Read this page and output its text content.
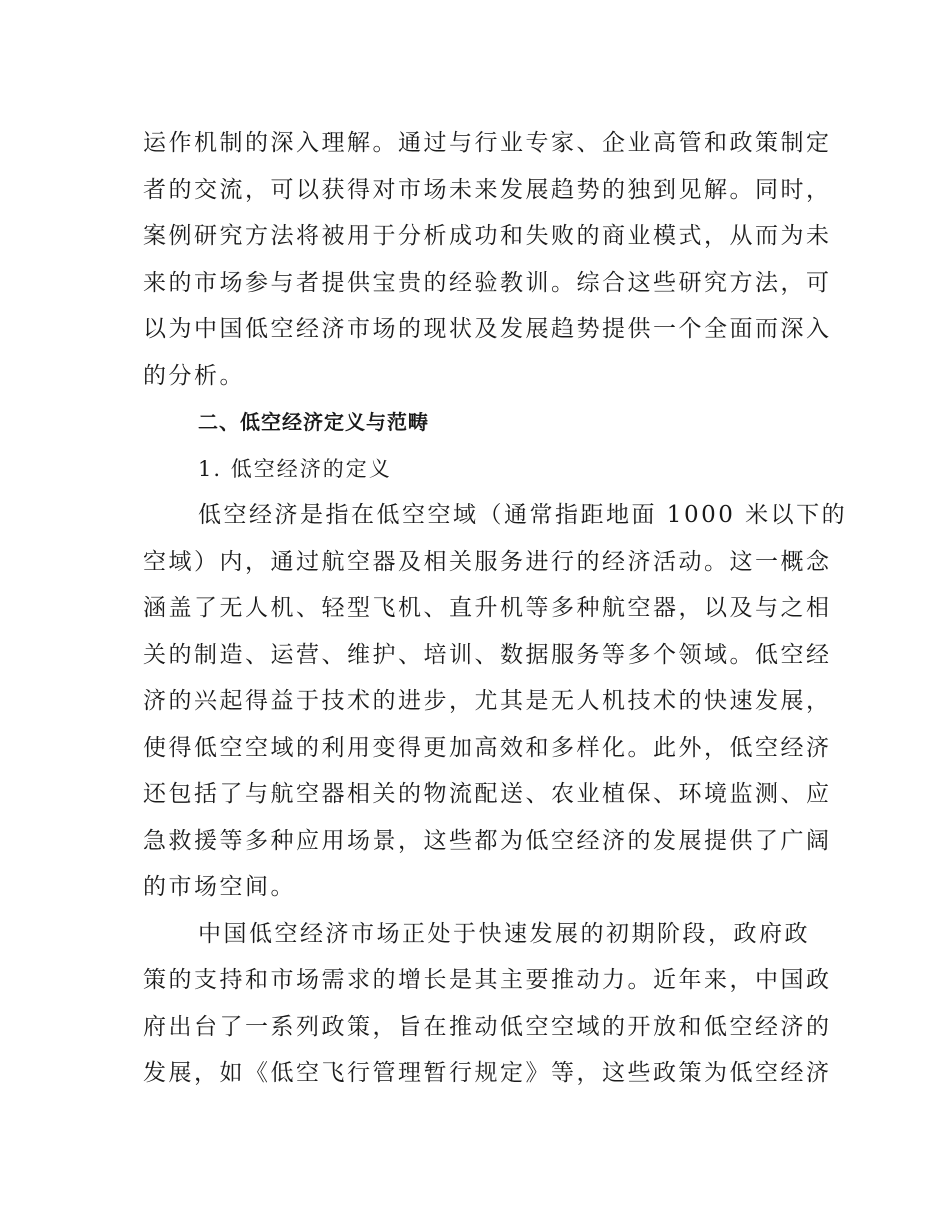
运作机制的深入理解。通过与行业专家、企业高管和政策制定
者的交流，可以获得对市场未来发展趋势的独到见解。同时，
案例研究方法将被用于分析成功和失败的商业模式，从而为未
来的市场参与者提供宝贵的经验教训。综合这些研究方法，可
以为中国低空经济市场的现状及发展趋势提供一个全面而深入
的分析。
二、低空经济定义与范畴
1. 低空经济的定义
低空经济是指在低空空域（通常指距地面 1000 米以下的
空域）内，通过航空器及相关服务进行的经济活动。这一概念
涵盖了无人机、轻型飞机、直升机等多种航空器，以及与之相
关的制造、运营、维护、培训、数据服务等多个领域。低空经
济的兴起得益于技术的进步，尤其是无人机技术的快速发展，
使得低空空域的利用变得更加高效和多样化。此外，低空经济
还包括了与航空器相关的物流配送、农业植保、环境监测、应
急救援等多种应用场景，这些都为低空经济的发展提供了广阔
的市场空间。
中国低空经济市场正处于快速发展的初期阶段，政府政
策的支持和市场需求的增长是其主要推动力。近年来，中国政
府出台了一系列政策，旨在推动低空空域的开放和低空经济的
发展，如《低空飞行管理暂行规定》等，这些政策为低空经济
